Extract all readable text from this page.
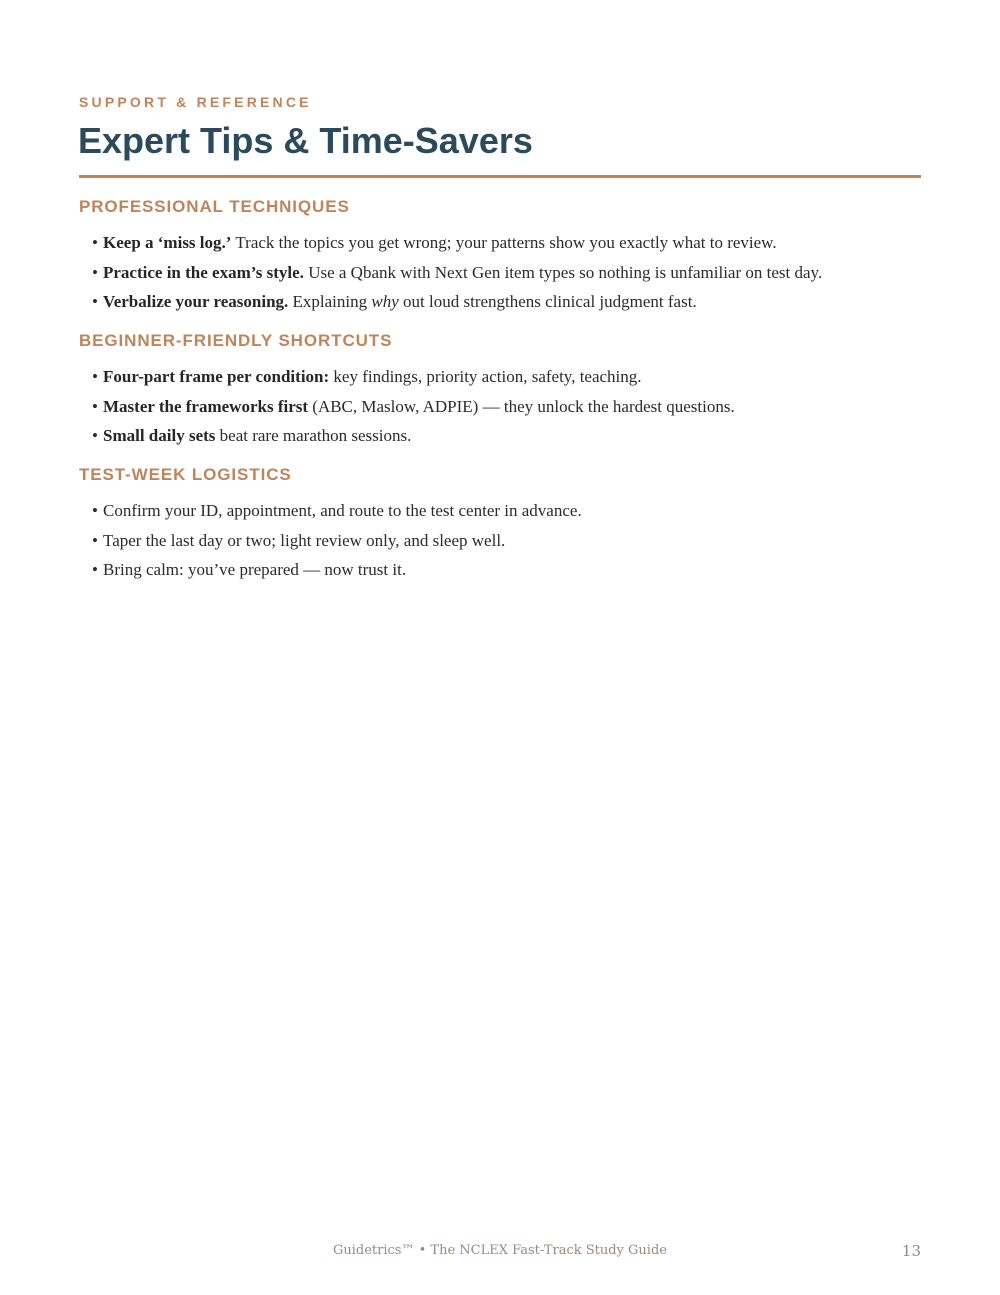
SUPPORT & REFERENCE
Expert Tips & Time-Savers
PROFESSIONAL TECHNIQUES
• Keep a ‘miss log.’ Track the topics you get wrong; your patterns show you exactly what to review.
• Practice in the exam’s style. Use a Qbank with Next Gen item types so nothing is unfamiliar on test day.
• Verbalize your reasoning. Explaining why out loud strengthens clinical judgment fast.
BEGINNER-FRIENDLY SHORTCUTS
• Four-part frame per condition: key findings, priority action, safety, teaching.
• Master the frameworks first (ABC, Maslow, ADPIE) — they unlock the hardest questions.
• Small daily sets beat rare marathon sessions.
TEST-WEEK LOGISTICS
• Confirm your ID, appointment, and route to the test center in advance.
• Taper the last day or two; light review only, and sleep well.
• Bring calm: you’ve prepared — now trust it.
Guidetrics™ • The NCLEX Fast-Track Study Guide	13
